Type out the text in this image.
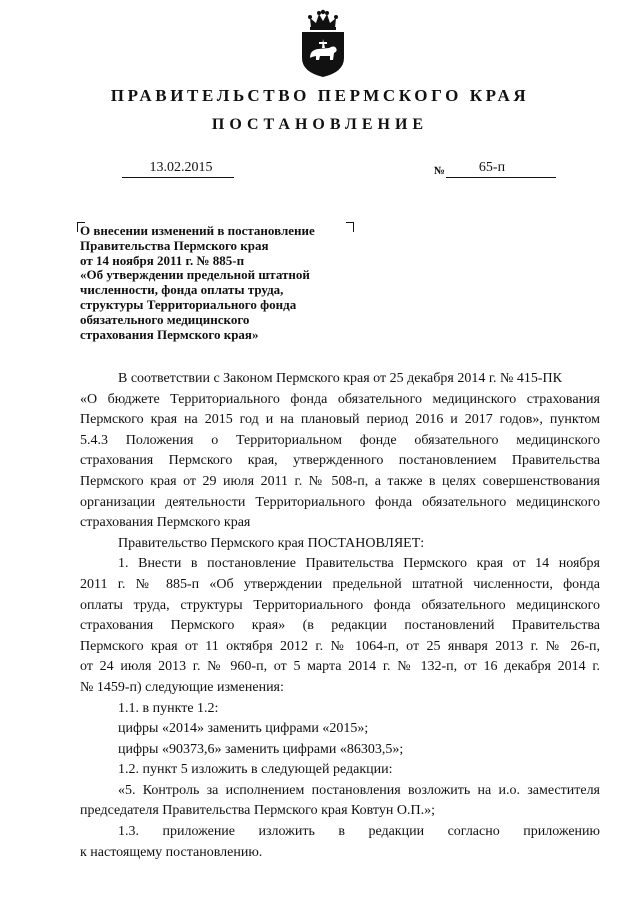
ПРАВИТЕЛЬСТВО ПЕРМСКОГО КРАЯ
ПОСТАНОВЛЕНИЕ
13.02.2015	№	65-п
О внесении изменений в постановление
Правительства Пермского края
от 14 ноября 2011 г. № 885-п
«Об утверждении предельной штатной
численности, фонда оплаты труда,
структуры Территориального фонда
обязательного медицинского
страхования Пермского края»
В соответствии с Законом Пермского края от 25 декабря 2014 г. № 415-ПК
«О бюджете Территориального фонда обязательного медицинского страхования
Пермского края на 2015 год и на плановый период 2016 и 2017 годов», пунктом
5.4.3 Положения о Территориальном фонде обязательного медицинского
страхования Пермского края, утвержденного постановлением Правительства
Пермского края от 29 июля 2011 г. № 508-п, а также в целях совершенствования
организации деятельности Территориального фонда обязательного медицинского
страхования Пермского края
Правительство Пермского края ПОСТАНОВЛЯЕТ:
1. Внести в постановление Правительства Пермского края от 14 ноября
2011 г. № 885-п «Об утверждении предельной штатной численности, фонда
оплаты труда, структуры Территориального фонда обязательного медицинского
страхования Пермского края» (в редакции постановлений Правительства
Пермского края от 11 октября 2012 г. № 1064-п, от 25 января 2013 г. № 26-п,
от 24 июля 2013 г. № 960-п, от 5 марта 2014 г. № 132-п, от 16 декабря 2014 г.
№ 1459-п) следующие изменения:
1.1. в пункте 1.2:
цифры «2014» заменить цифрами «2015»;
цифры «90373,6» заменить цифрами «86303,5»;
1.2. пункт 5 изложить в следующей редакции:
«5. Контроль за исполнением постановления возложить на и.о. заместителя
председателя Правительства Пермского края Ковтун О.П.»;
1.3. приложение изложить в редакции согласно приложению
к настоящему постановлению.
